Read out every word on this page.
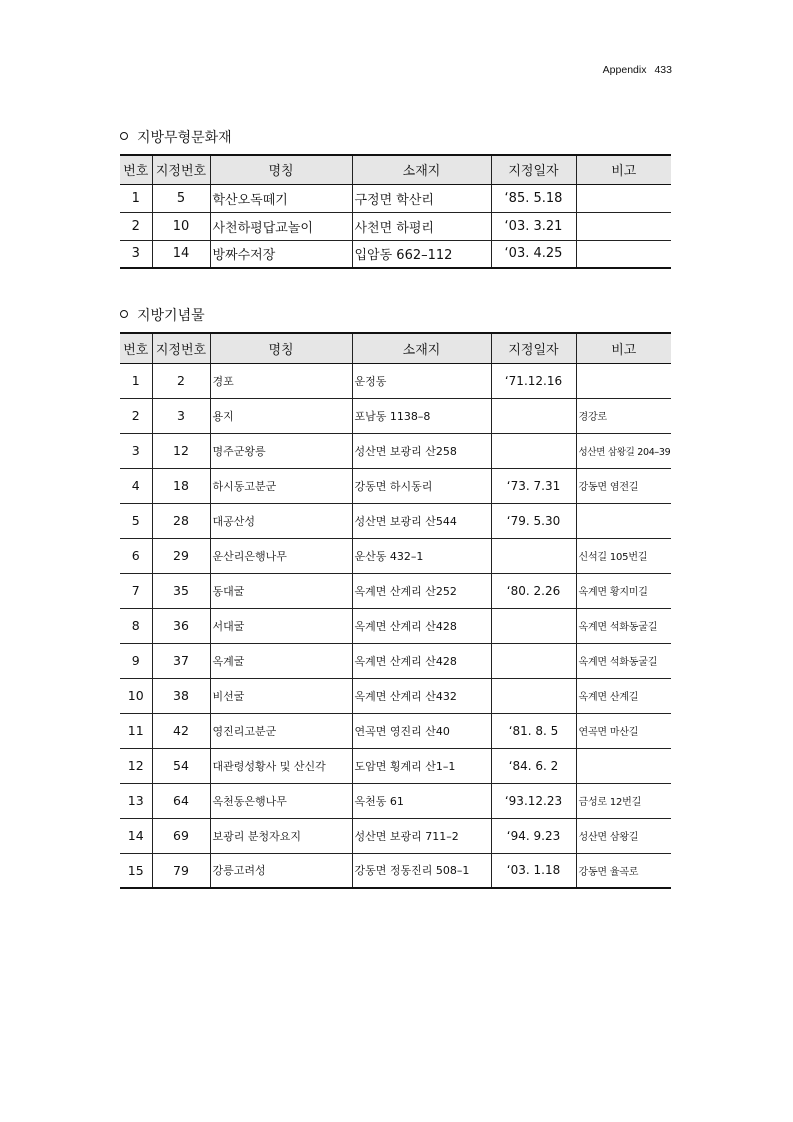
Appendix 433
지방무형문화재
번호	지정번호	명칭	소재지	지정일자	비고
1	5	학산오독떼기	구정면 학산리	‘85. 5.18	
2	10	사천하평답교놀이	사천면 하평리	‘03. 3.21	
3	14	방짜수저장	입암동 662–112	‘03. 4.25	
지방기념물
번호	지정번호	명칭	소재지	지정일자	비고
1	2	경포	운정동	‘71.12.16	
2	3	용지	포남동 1138–8		경강로
3	12	명주군왕릉	성산면 보광리 산258		성산면 삼왕길 204–39
4	18	하시동고분군	강동면 하시동리	‘73. 7.31	강동면 염전길
5	28	대공산성	성산면 보광리 산544	‘79. 5.30	
6	29	운산리은행나무	운산동 432–1		신석길 105번길
7	35	동대굴	옥계면 산계리 산252	‘80. 2.26	옥계면 황지미길
8	36	서대굴	옥계면 산계리 산428		옥계면 석화동굴길
9	37	옥계굴	옥계면 산계리 산428		옥계면 석화동굴길
10	38	비선굴	옥계면 산계리 산432		옥계면 산계길
11	42	영진리고분군	연곡면 영진리 산40	‘81. 8. 5	연곡면 마산길
12	54	대관령성황사 및 산신각	도암면 횡계리 산1–1	‘84. 6. 2	
13	64	옥천동은행나무	옥천동 61	‘93.12.23	금성로 12번길
14	69	보광리 분청자요지	성산면 보광리 711–2	‘94. 9.23	성산면 삼왕길
15	79	강릉고려성	강동면 정동진리 508–1	‘03. 1.18	강동면 율곡로
